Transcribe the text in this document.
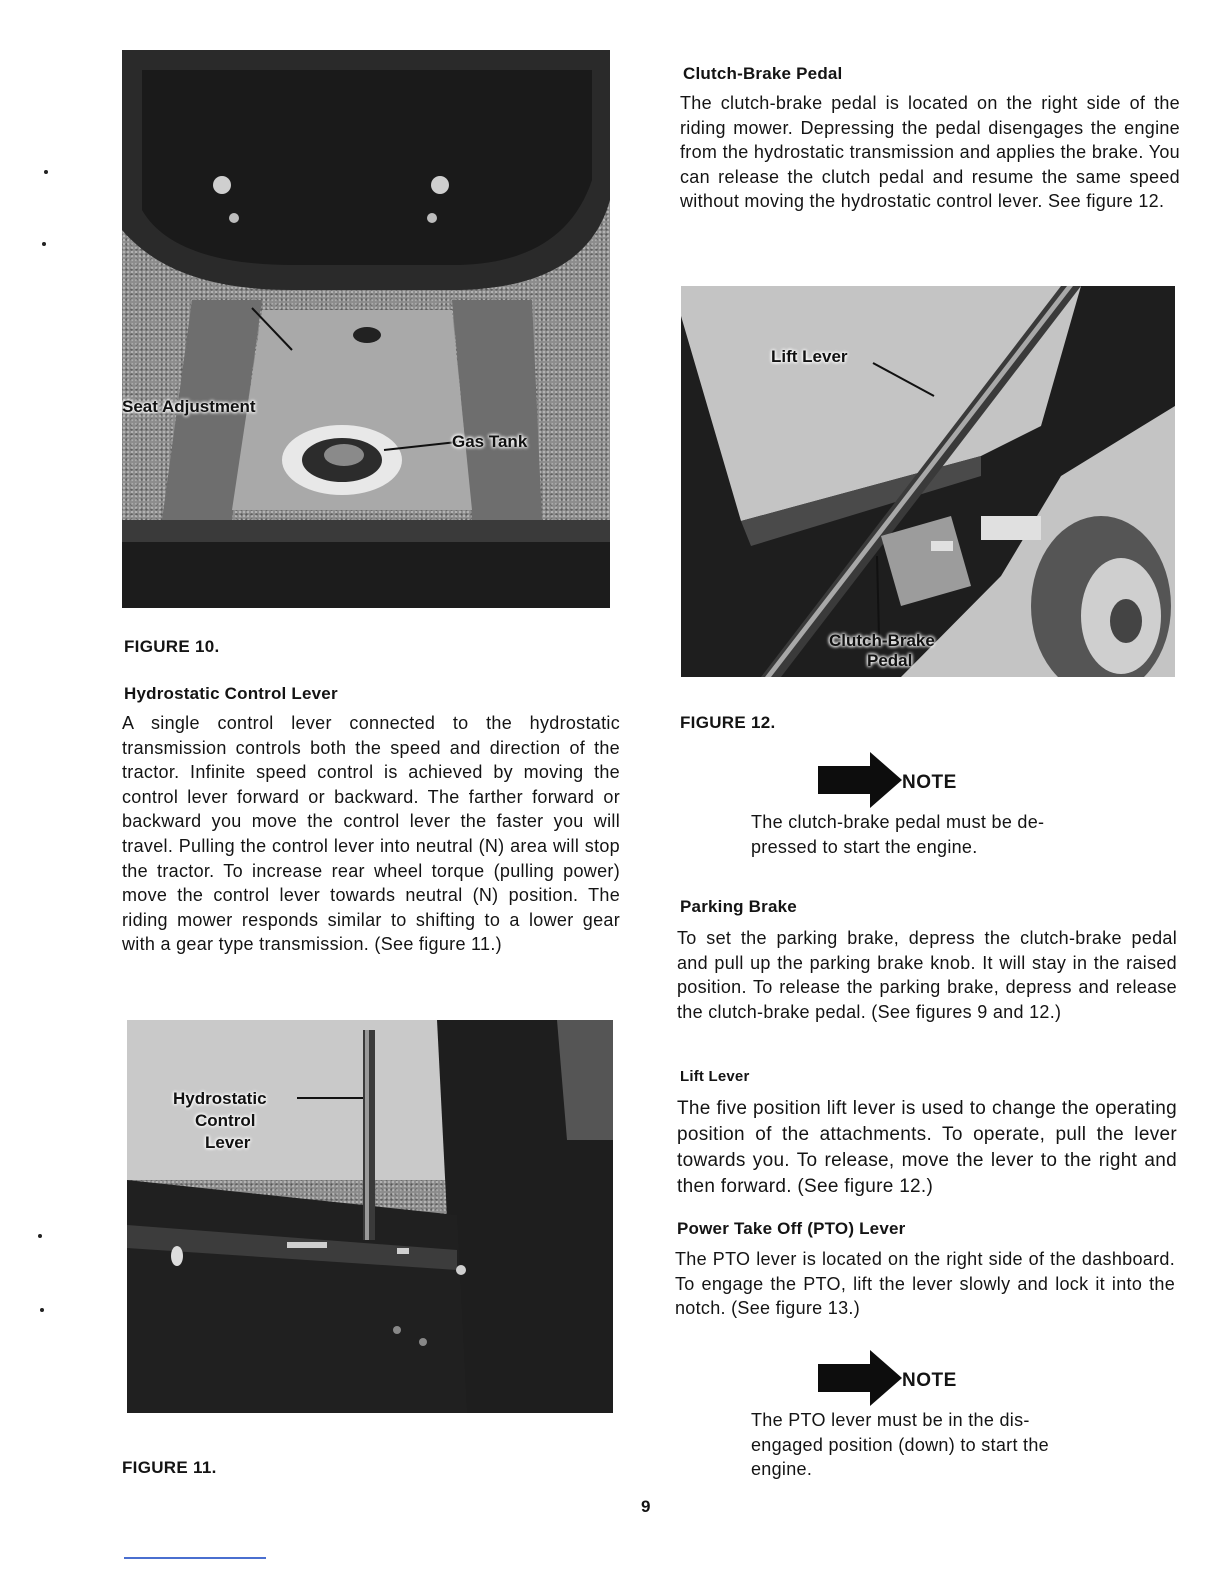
Seat Adjustment
Gas Tank
FIGURE 10.
Hydrostatic Control Lever
A single control lever connected to the hydrostatic transmission controls both the speed and direction of the tractor. Infinite speed control is achieved by moving the control lever forward or backward. The farther forward or backward you move the control lever the faster you will travel. Pulling the control lever into neutral (N) area will stop the tractor. To increase rear wheel torque (pulling power) move the control lever towards neutral (N) position. The riding mower responds similar to shifting to a lower gear with a gear type transmission. (See figure 11.)
Hydrostatic
Control
Lever
FIGURE 11.
Clutch-Brake Pedal
The clutch-brake pedal is located on the right side of the riding mower. Depressing the pedal disengages the engine from the hydrostatic transmission and applies the brake. You can release the clutch pedal and resume the same speed without moving the hydrostatic control lever. See figure 12.
Lift Lever
Clutch-Brake
Pedal
FIGURE 12.
NOTE
The clutch-brake pedal must be de-
pressed to start the engine.
Parking Brake
To set the parking brake, depress the clutch-brake pedal and pull up the parking brake knob. It will stay in the raised position. To release the parking brake, depress and release the clutch-brake pedal. (See figures 9 and 12.)
Lift Lever
The five position lift lever is used to change the operating position of the attachments. To operate, pull the lever towards you. To release, move the lever to the right and then forward. (See figure 12.)
Power Take Off (PTO) Lever
The PTO lever is located on the right side of the dashboard. To engage the PTO, lift the lever slowly and lock it into the notch. (See figure 13.)
NOTE
The PTO lever must be in the dis-
engaged position (down) to start the
engine.
9
